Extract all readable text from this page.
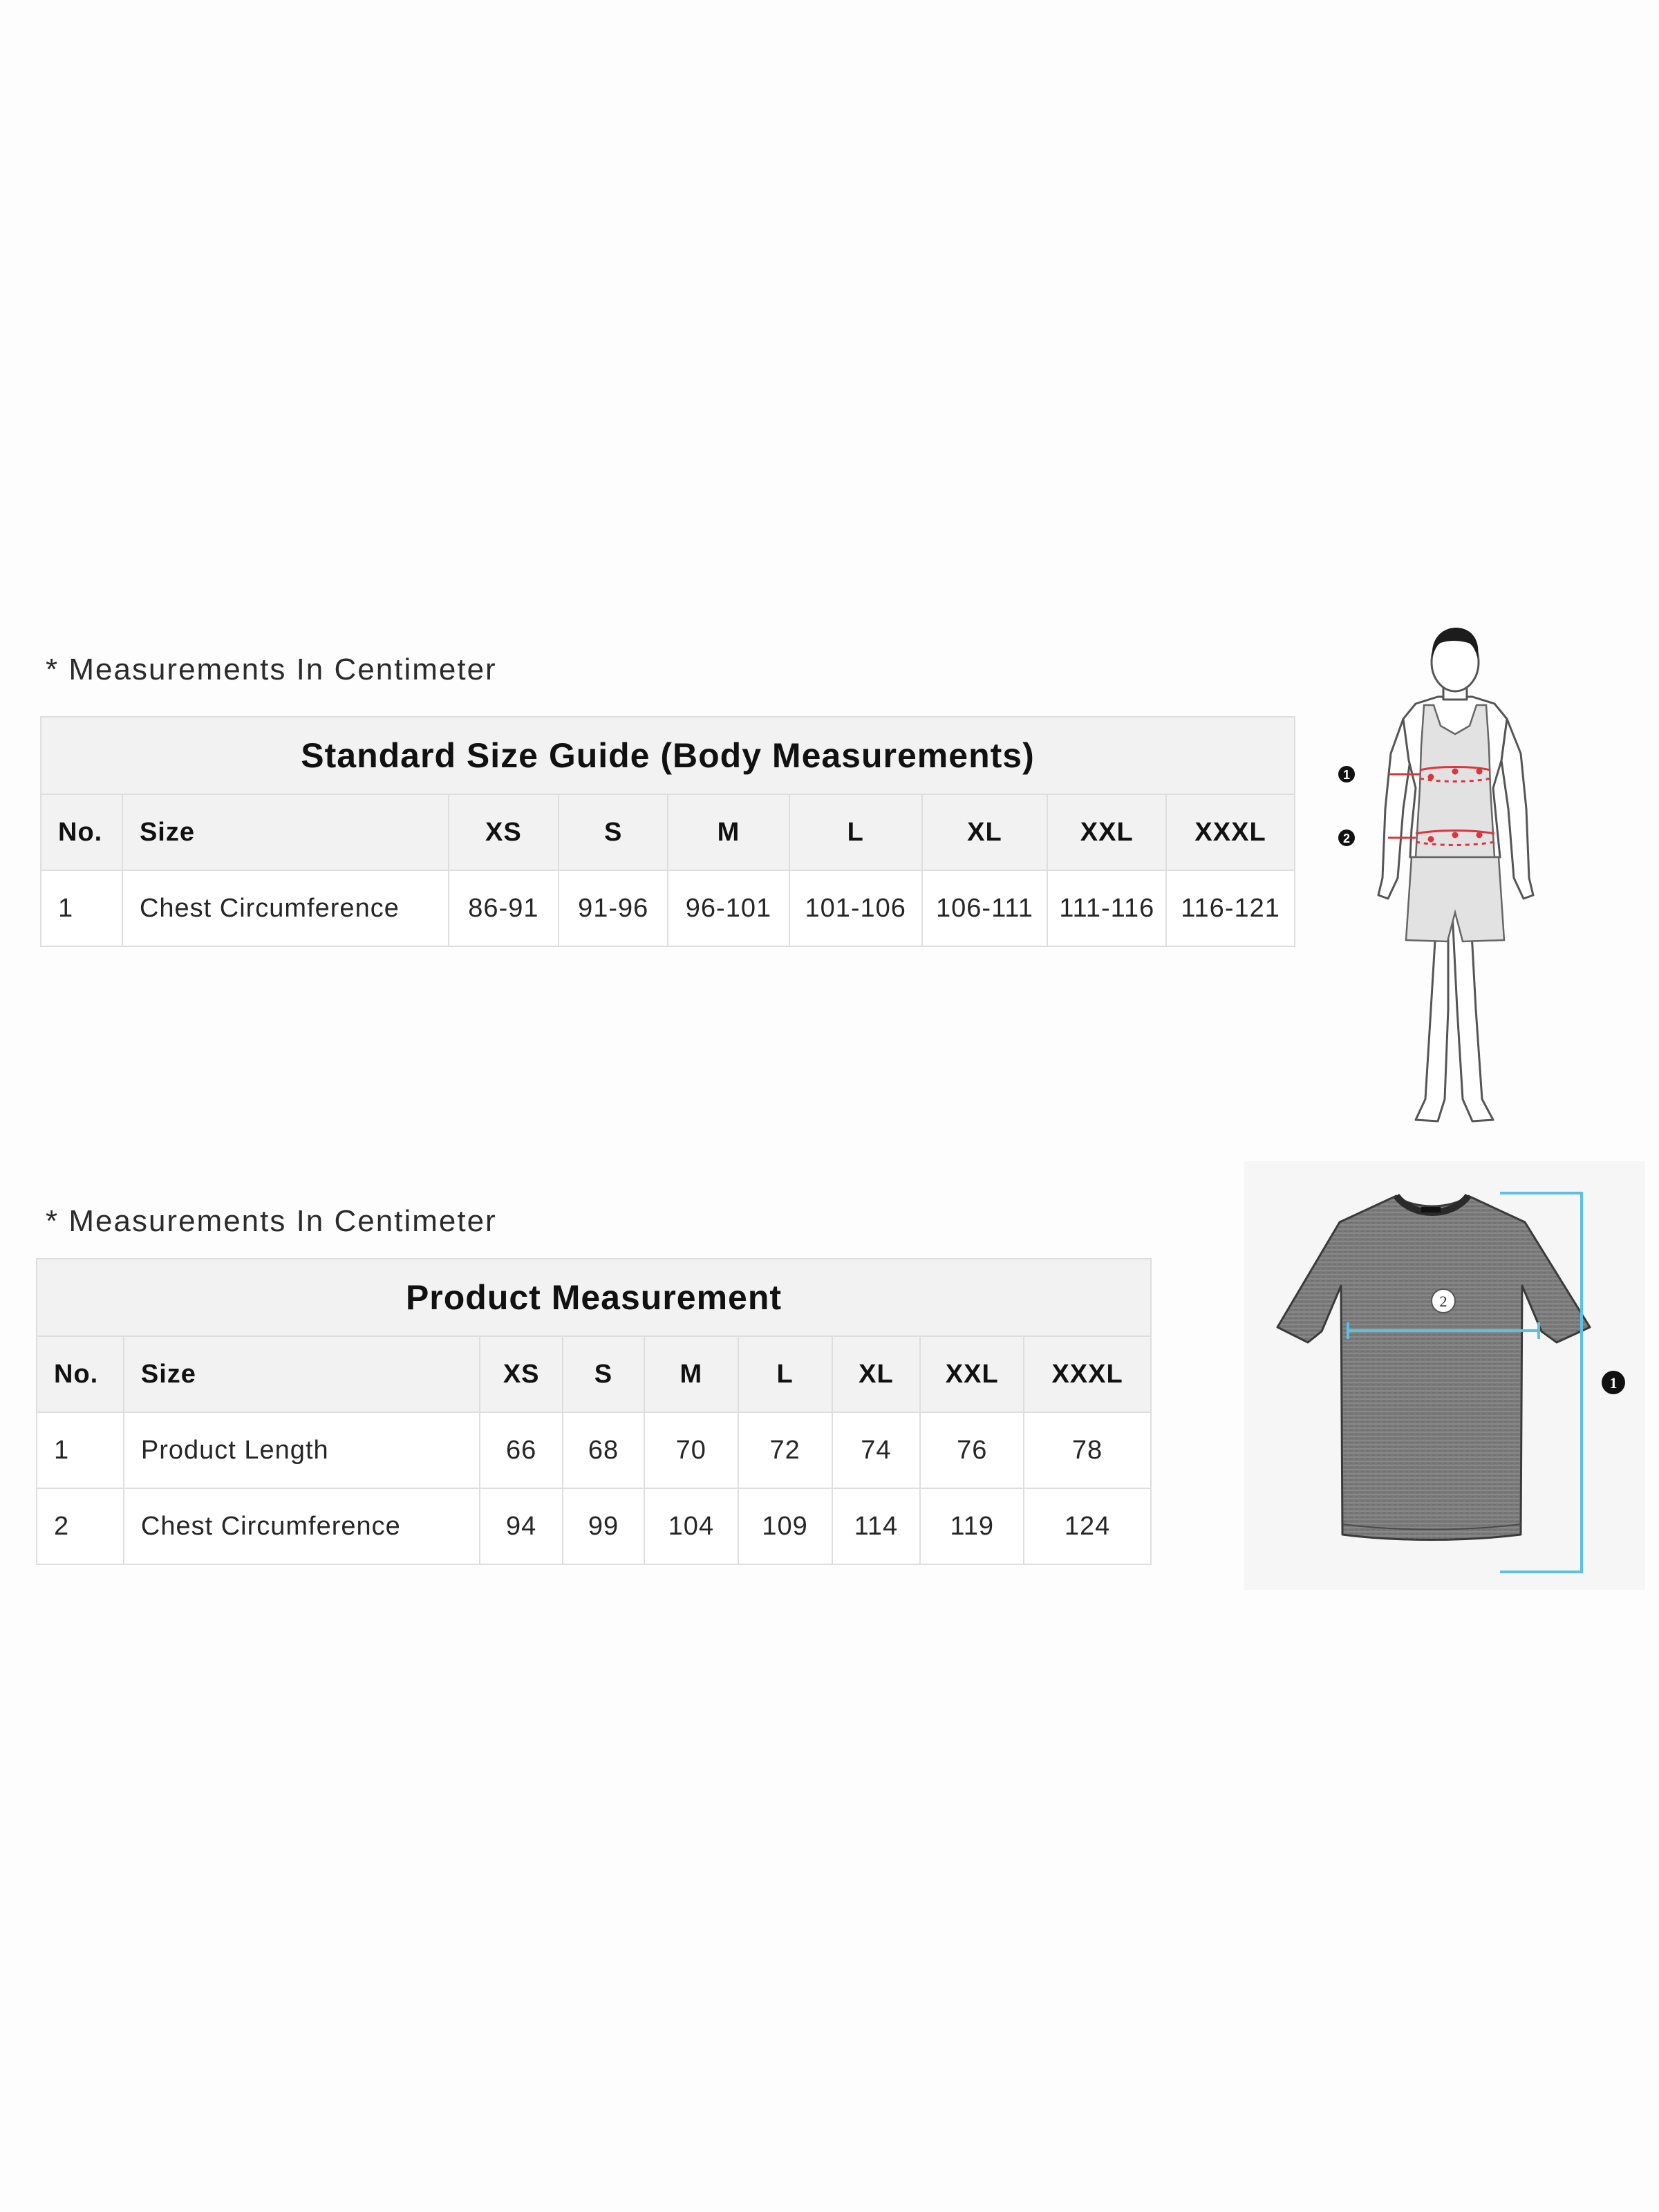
* Measurements In Centimeter
Standard Size Guide (Body Measurements)								
No.	Size	XS	S	M	L	XL	XXL	XXXL
1	Chest Circumference	86-91	91-96	96-101	101-106	106-111	111-116	116-121
1
2
* Measurements In Centimeter
Product Measurement								
No.	Size	XS	S	M	L	XL	XXL	XXXL
1	Product Length	66	68	70	72	74	76	78
2	Chest Circumference	94	99	104	109	114	119	124
2
1
